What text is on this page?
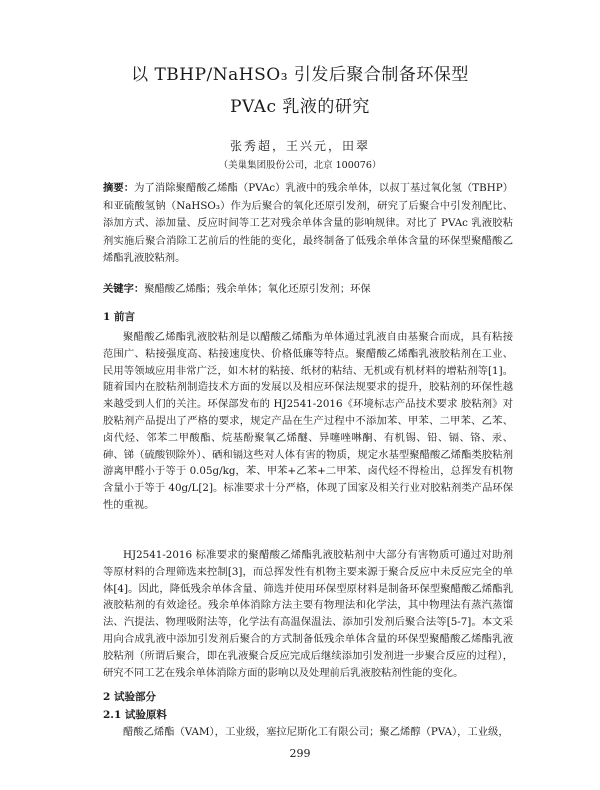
以 TBHP/NaHSO₃ 引发后聚合制备环保型
PVAc 乳液的研究
张秀超，王兴元，田翠
（美巢集团股份公司，北京 100076）
摘要：为了消除聚醋酸乙烯酯（PVAc）乳液中的残余单体，以叔丁基过氧化氢（TBHP）和亚硫酸氢钠（NaHSO₃）作为后聚合的氧化还原引发剂，研究了后聚合中引发剂配比、添加方式、添加量、反应时间等工艺对残余单体含量的影响规律。对比了 PVAc 乳液胶粘剂实施后聚合消除工艺前后的性能的变化，最终制备了低残余单体含量的环保型聚醋酸乙烯酯乳液胶粘剂。
关键字：聚醋酸乙烯酯；残余单体；氧化还原引发剂；环保
1 前言
聚醋酸乙烯酯乳液胶粘剂是以醋酸乙烯酯为单体通过乳液自由基聚合而成，具有粘接范围广、粘接强度高、粘接速度快、价格低廉等特点。聚醋酸乙烯酯乳液胶粘剂在工业、民用等领域应用非常广泛，如木材的粘接、纸材的粘结、无机或有机材料的增粘剂等[1]。随着国内在胶粘剂制造技术方面的发展以及相应环保法规要求的提升，胶粘剂的环保性越来越受到人们的关注。环保部发布的 HJ2541-2016《环境标志产品技术要求 胶粘剂》对胶粘剂产品提出了严格的要求，规定产品在生产过程中不添加苯、甲苯、二甲苯、乙苯、卤代烃、邻苯二甲酸酯、烷基酚聚氧乙烯醚、异噻唑啉酮、有机锡、铅、镉、铬、汞、砷、锑（硫酸钡除外）、硒和镉这些对人体有害的物质，规定水基型聚醋酸乙烯酯类胶粘剂游离甲醛小于等于 0.05g/kg，苯、甲苯+乙苯+二甲苯、卤代烃不得检出，总挥发有机物含量小于等于 40g/L[2]。标准要求十分严格，体现了国家及相关行业对胶粘剂类产品环保性的重视。
HJ2541-2016 标准要求的聚醋酸乙烯酯乳液胶粘剂中大部分有害物质可通过对助剂等原材料的合理筛选来控制[3]，而总挥发性有机物主要来源于聚合反应中未反应完全的单体[4]。因此，降低残余单体含量、筛选并使用环保型原材料是制备环保型聚醋酸乙烯酯乳液胶粘剂的有效途径。残余单体消除方法主要有物理法和化学法，其中物理法有蒸汽蒸馏法、汽提法、物理吸附法等，化学法有高温保温法、添加引发剂后聚合法等[5-7]。本文采用向合成乳液中添加引发剂后聚合的方式制备低残余单体含量的环保型聚醋酸乙烯酯乳液胶粘剂（所谓后聚合，即在乳液聚合反应完成后继续添加引发剂进一步聚合反应的过程），研究不同工艺在残余单体消除方面的影响以及处理前后乳液胶粘剂性能的变化。
2 试验部分
2.1 试验原料
醋酸乙烯酯（VAM），工业级，塞拉尼斯化工有限公司；聚乙烯醇（PVA），工业级，
299
